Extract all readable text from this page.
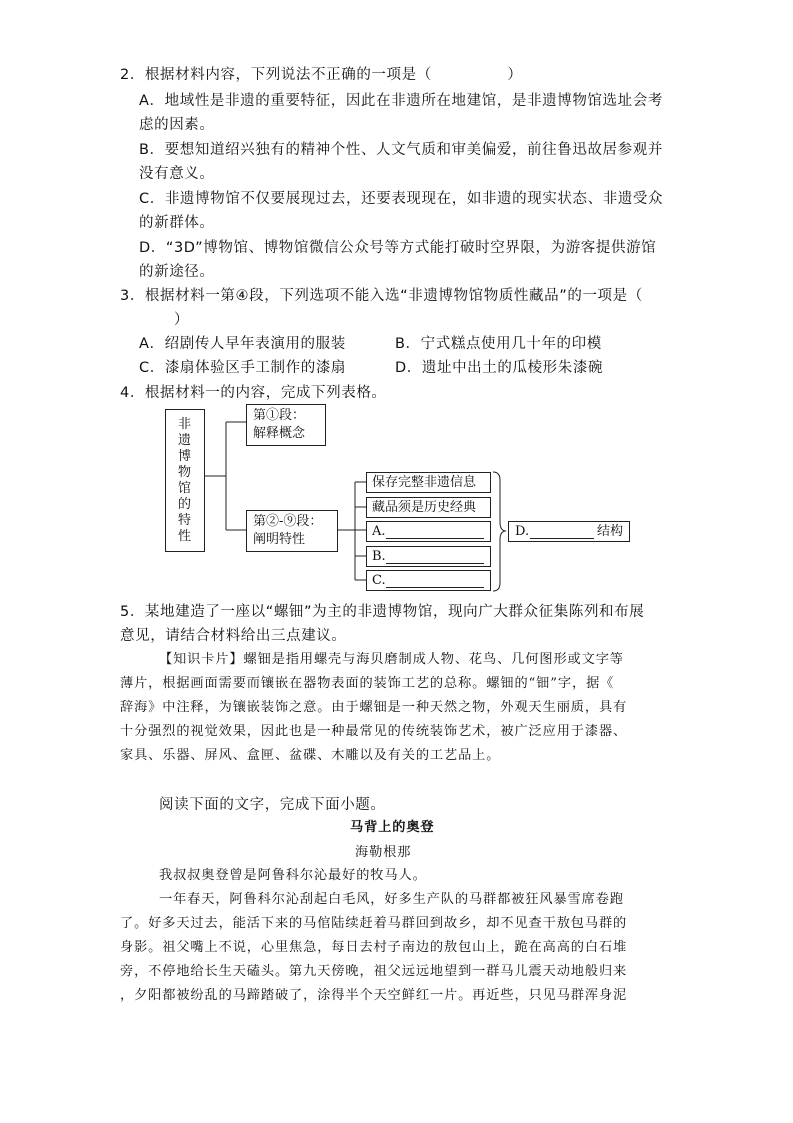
2．根据材料内容，下列说法不正确的一项是（　　　　　）
A．地域性是非遗的重要特征，因此在非遗所在地建馆，是非遗博物馆选址会考
虑的因素。
B．要想知道绍兴独有的精神个性、人文气质和审美偏爱，前往鲁迅故居参观并
没有意义。
C．非遗博物馆不仅要展现过去，还要表现现在，如非遗的现实状态、非遗受众
的新群体。
D．“3D”博物馆、博物馆微信公众号等方式能打破时空界限，为游客提供游馆
的新途径。
3．根据材料一第④段，下列选项不能入选“非遗博物馆物质性藏品”的一项是（
）
A．绍剧传人早年表演用的服装	B．宁式糕点使用几十年的印模
C．漆扇体验区手工制作的漆扇	D．遗址中出土的瓜棱形朱漆碗
4．根据材料一的内容，完成下列表格。
非
遗
博
物
馆
的
特
性
第①段：
解释概念
第②-⑨段：
阐明特性
保存完整非遗信息
藏品须是历史经典
A.
B.
C.
D.	结构
5．某地建造了一座以“螺钿”为主的非遗博物馆，现向广大群众征集陈列和布展
意见，请结合材料给出三点建议。
【知识卡片】螺钿是指用螺壳与海贝磨制成人物、花鸟、几何图形或文字等
薄片，根据画面需要而镶嵌在器物表面的装饰工艺的总称。螺钿的“钿”字，据《
辞海》中注释，为镶嵌装饰之意。由于螺钿是一种天然之物，外观天生丽质，具有
十分强烈的视觉效果，因此也是一种最常见的传统装饰艺术，被广泛应用于漆器、
家具、乐器、屏风、盒匣、盆碟、木雕以及有关的工艺品上。
阅读下面的文字，完成下面小题。
马背上的奥登
海勒根那
我叔叔奥登曾是阿鲁科尔沁最好的牧马人。
一年春天，阿鲁科尔沁刮起白毛风，好多生产队的马群都被狂风暴雪席卷跑
了。好多天过去，能活下来的马倌陆续赶着马群回到故乡，却不见查干敖包马群的
身影。祖父嘴上不说，心里焦急，每日去村子南边的敖包山上，跪在高高的白石堆
旁，不停地给长生天磕头。第九天傍晚，祖父远远地望到一群马儿震天动地般归来
，夕阳都被纷乱的马蹄踏破了，涂得半个天空鲜红一片。再近些，只见马群浑身泥
